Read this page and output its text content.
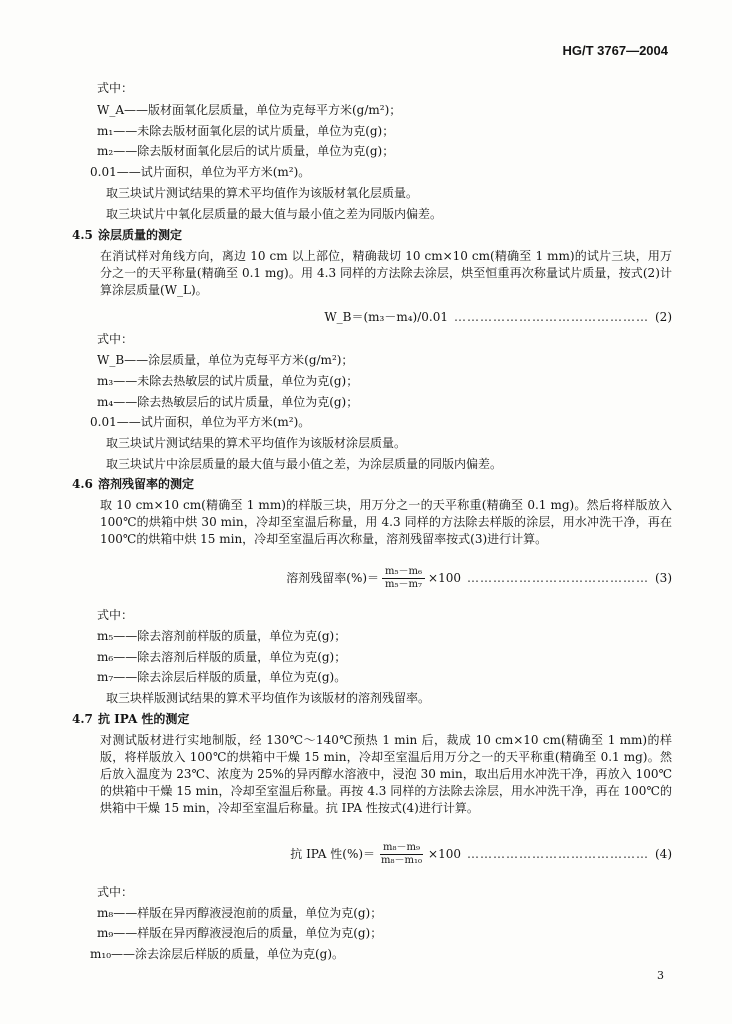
HG/T 3767—2004
式中：
W_A——版材面氧化层质量，单位为克每平方米(g/m²)；
m₁——未除去版材面氧化层的试片质量，单位为克(g)；
m₂——除去版材面氧化层后的试片质量，单位为克(g)；
0.01——试片面积，单位为平方米(m²)。
取三块试片测试结果的算术平均值作为该版材氧化层质量。
取三块试片中氧化层质量的最大值与最小值之差为同版内偏差。
4.5 涂层质量的测定
在消试样对角线方向，离边 10 cm 以上部位，精确裁切 10 cm×10 cm(精确至 1 mm)的试片三块，用万分之一的天平称量(精确至 0.1 mg)。用 4.3 同样的方法除去涂层，烘至恒重再次称量试片质量，按式(2)计算涂层质量(W_L)。
W_B＝(m₃－m₄)/0.01 ……………………………………… (2)
式中：
W_B——涂层质量，单位为克每平方米(g/m²)；
m₃——未除去热敏层的试片质量，单位为克(g)；
m₄——除去热敏层后的试片质量，单位为克(g)；
0.01——试片面积，单位为平方米(m²)。
取三块试片测试结果的算术平均值作为该版材涂层质量。
取三块试片中涂层质量的最大值与最小值之差，为涂层质量的同版内偏差。
4.6 溶剂残留率的测定
取 10 cm×10 cm(精确至 1 mm)的样版三块，用万分之一的天平称重(精确至 0.1 mg)。然后将样版放入 100℃的烘箱中烘 30 min，冷却至室温后称量，用 4.3 同样的方法除去样版的涂层，用水冲洗干净，再在 100℃的烘箱中烘 15 min，冷却至室温后再次称量，溶剂残留率按式(3)进行计算。
溶剂残留率(%)＝ $\frac{\text{m₅－m₆}}{\text{m₅－m₇}} \times 100$ …………………………………… (3)
式中：
m₅——除去溶剂前样版的质量，单位为克(g)；
m₆——除去溶剂后样版的质量，单位为克(g)；
m₇——除去涂层后样版的质量，单位为克(g)。
取三块样版测试结果的算术平均值作为该版材的溶剂残留率。
4.7 抗 IPA 性的测定
对测试版材进行实地制版，经 130℃～140℃预热 1 min 后，裁成 10 cm×10 cm(精确至 1 mm)的样版，将样版放入 100℃的烘箱中干燥 15 min，冷却至室温后用万分之一的天平称重(精确至 0.1 mg)。然后放入温度为 23℃、浓度为 25%的异丙醇水溶液中，浸泡 30 min，取出后用水冲洗干净，再放入 100℃的烘箱中干燥 15 min，冷却至室温后称量。再按 4.3 同样的方法除去涂层，用水冲洗干净，再在 100℃的烘箱中干燥 15 min，冷却至室温后称量。抗 IPA 性按式(4)进行计算。
抗 IPA 性(%)＝ $\frac{\text{m₈－m₉}}{\text{m₈－m₁₀}} \times 100$ …………………………………… (4)
式中：
m₈——样版在异丙醇液浸泡前的质量，单位为克(g)；
m₉——样版在异丙醇液浸泡后的质量，单位为克(g)；
m₁₀——涂去涂层后样版的质量，单位为克(g)。
3
